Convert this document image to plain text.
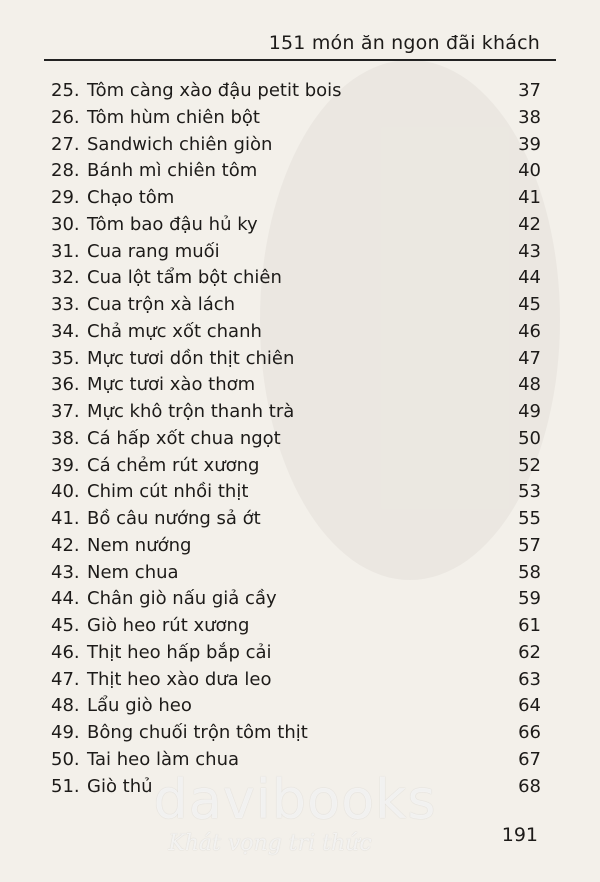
151 món ăn ngon đãi khách
25. Tôm càng xào đậu petit bois	37
26. Tôm hùm chiên bột	38
27. Sandwich chiên giòn	39
28. Bánh mì chiên tôm	40
29. Chạo tôm	41
30. Tôm bao đậu hủ ky	42
31. Cua rang muối	43
32. Cua lột tẩm bột chiên	44
33. Cua trộn xà lách	45
34. Chả mực xốt chanh	46
35. Mực tươi dồn thịt chiên	47
36. Mực tươi xào thơm	48
37. Mực khô trộn thanh trà	49
38. Cá hấp xốt chua ngọt	50
39. Cá chẻm rút xương	52
40. Chim cút nhồi thịt	53
41. Bồ câu nướng sả ớt	55
42. Nem nướng	57
43. Nem chua	58
44. Chân giò nấu giả cầy	59
45. Giò heo rút xương	61
46. Thịt heo hấp bắp cải	62
47. Thịt heo xào dưa leo	63
48. Lẩu giò heo	64
49. Bông chuối trộn tôm thịt	66
50. Tai heo làm chua	67
51. Giò thủ	68
191
davibooks
Khát vọng tri thức
